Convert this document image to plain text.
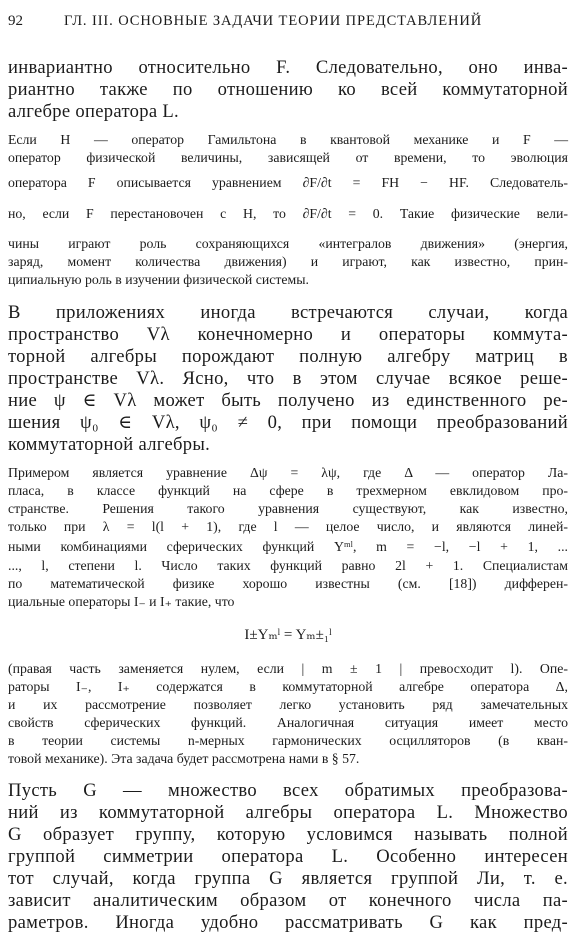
92	ГЛ. III. ОСНОВНЫЕ ЗАДАЧИ ТЕОРИИ ПРЕДСТАВЛЕНИЙ
инвариантно относительно F. Следовательно, оно инва-
риантно также по отношению ко всей коммутаторной
алгебре оператора L.
Если H — оператор Гамильтона в квантовой механике и F —
оператор физической величины, зависящей от времени, то эволюция
оператора F описывается уравнением ∂F/∂t = FH − HF. Следователь-
но, если F перестановочен с H, то ∂F/∂t = 0. Такие физические вели-
чины играют роль сохраняющихся «интегралов движения» (энергия,
заряд, момент количества движения) и играют, как известно, прин-
ципиальную роль в изучении физической системы.
В приложениях иногда встречаются случаи, когда
пространство Vλ конечномерно и операторы коммута-
торной алгебры порождают полную алгебру матриц в
пространстве Vλ. Ясно, что в этом случае всякое реше-
ние ψ ∈ Vλ может быть получено из единственного ре-
шения ψ₀ ∈ Vλ, ψ₀ ≠ 0, при помощи преобразований
коммутаторной алгебры.
Примером является уравнение Δψ = λψ, где Δ — оператор Ла-
пласа, в классе функций на сфере в трехмерном евклидовом про-
странстве. Решения такого уравнения существуют, как известно,
только при λ = l(l + 1), где l — целое число, и являются линей-
ными комбинациями сферических функций Yᵐˡ, m = −l, −l + 1, ...
..., l, степени l. Число таких функций равно 2l + 1. Специалистам
по математической физике хорошо известны (см. [18]) дифферен-
циальные операторы I₋ и I₊ такие, что
I±Yₘˡ = Yₘ±₁ˡ
(правая часть заменяется нулем, если | m ± 1 | превосходит l). Опе-
раторы I₋, I₊ содержатся в коммутаторной алгебре оператора Δ,
и их рассмотрение позволяет легко установить ряд замечательных
свойств сферических функций. Аналогичная ситуация имеет место
в теории системы n-мерных гармонических осцилляторов (в кван-
товой механике). Эта задача будет рассмотрена нами в § 57.
Пусть G — множество всех обратимых преобразова-
ний из коммутаторной алгебры оператора L. Множество
G образует группу, которую условимся называть полной
группой симметрии оператора L. Особенно интересен
тот случай, когда группа G является группой Ли, т. е.
зависит аналитическим образом от конечного числа па-
раметров. Иногда удобно рассматривать G как пред-
